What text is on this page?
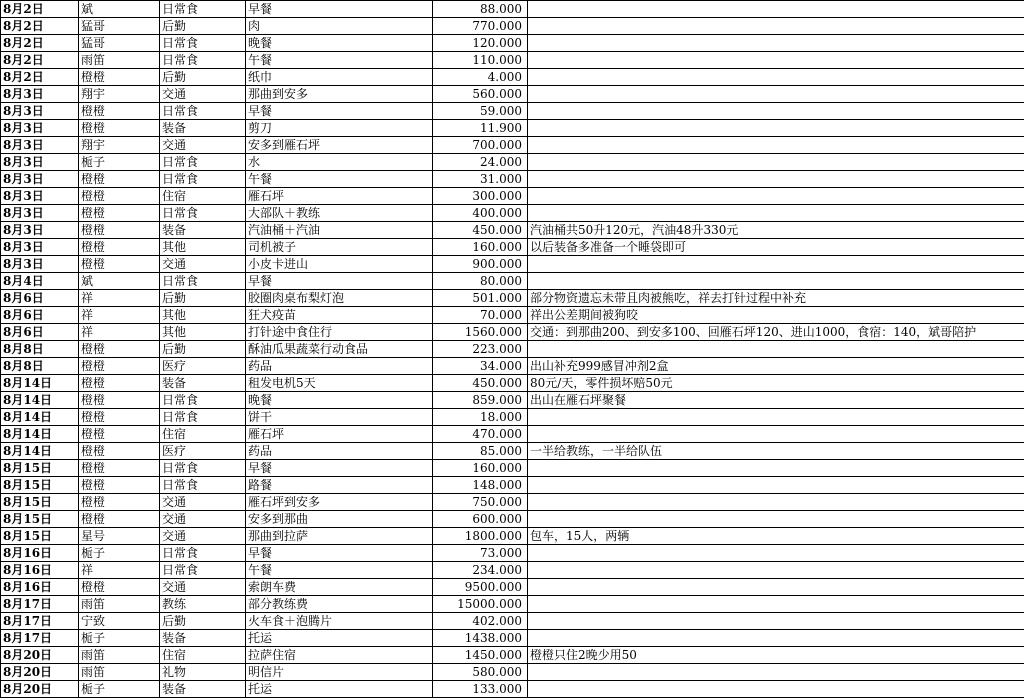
8月2日	斌	日常食	早餐	88.000	
8月2日	猛哥	后勤	肉	770.000	
8月2日	猛哥	日常食	晚餐	120.000	
8月2日	雨笛	日常食	午餐	110.000	
8月2日	橙橙	后勤	纸巾	4.000	
8月3日	翔宇	交通	那曲到安多	560.000	
8月3日	橙橙	日常食	早餐	59.000	
8月3日	橙橙	装备	剪刀	11.900	
8月3日	翔宇	交通	安多到雁石坪	700.000	
8月3日	栀子	日常食	水	24.000	
8月3日	橙橙	日常食	午餐	31.000	
8月3日	橙橙	住宿	雁石坪	300.000	
8月3日	橙橙	日常食	大部队＋教练	400.000	
8月3日	橙橙	装备	汽油桶＋汽油	450.000	汽油桶共50升120元，汽油48升330元
8月3日	橙橙	其他	司机被子	160.000	以后装备多准备一个睡袋即可
8月3日	橙橙	交通	小皮卡进山	900.000	
8月4日	斌	日常食	早餐	80.000	
8月6日	祥	后勤	胶圈肉桌布梨灯泡	501.000	部分物资遗忘未带且肉被熊吃，祥去打针过程中补充
8月6日	祥	其他	狂犬疫苗	70.000	祥出公差期间被狗咬
8月6日	祥	其他	打针途中食住行	1560.000	交通：到那曲200、到安多100、回雁石坪120、进山1000，食宿：140，斌哥陪护
8月8日	橙橙	后勤	酥油瓜果蔬菜行动食品	223.000	
8月8日	橙橙	医疗	药品	34.000	出山补充999感冒冲剂2盒
8月14日	橙橙	装备	租发电机5天	450.000	80元/天，零件损坏赔50元
8月14日	橙橙	日常食	晚餐	859.000	出山在雁石坪聚餐
8月14日	橙橙	日常食	饼干	18.000	
8月14日	橙橙	住宿	雁石坪	470.000	
8月14日	橙橙	医疗	药品	85.000	一半给教练，一半给队伍
8月15日	橙橙	日常食	早餐	160.000	
8月15日	橙橙	日常食	路餐	148.000	
8月15日	橙橙	交通	雁石坪到安多	750.000	
8月15日	橙橙	交通	安多到那曲	600.000	
8月15日	星号	交通	那曲到拉萨	1800.000	包车，15人，两辆
8月16日	栀子	日常食	早餐	73.000	
8月16日	祥	日常食	午餐	234.000	
8月16日	橙橙	交通	索朗车费	9500.000	
8月17日	雨笛	教练	部分教练费	15000.000	
8月17日	宁致	后勤	火车食＋泡腾片	402.000	
8月17日	栀子	装备	托运	1438.000	
8月20日	雨笛	住宿	拉萨住宿	1450.000	橙橙只住2晚少用50
8月20日	雨笛	礼物	明信片	580.000	
8月20日	栀子	装备	托运	133.000	
